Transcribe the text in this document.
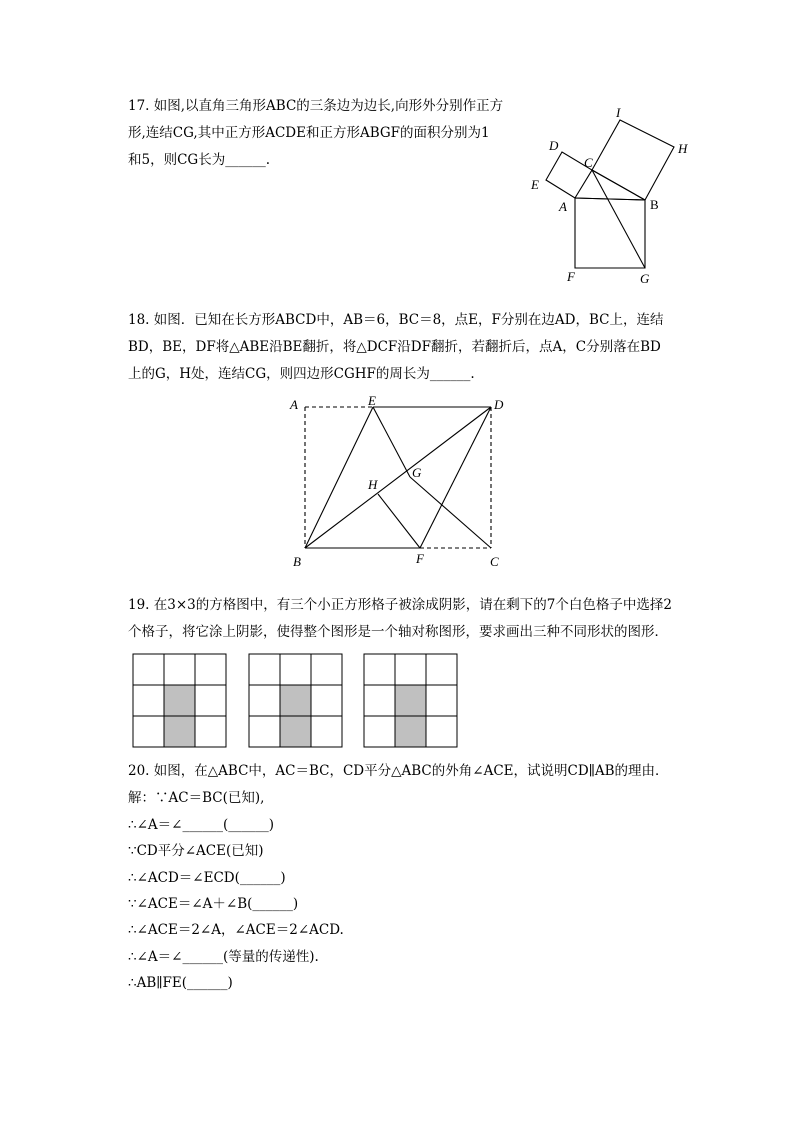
17. 如图,以直角三角形ABC的三条边为边长,向形外分别作正方
形,连结CG,其中正方形ACDE和正方形ABGF的面积分别为1
和5，则CG长为______.
I
H
D
C
E
A	B
F	G
18. 如图．已知在长方形ABCD中，AB＝6，BC＝8，点E，F分别在边AD，BC上，连结
BD，BE，DF将△ABE沿BE翻折，将△DCF沿DF翻折，若翻折后，点A，C分别落在BD
上的G，H处，连结CG，则四边形CGHF的周长为______.
A	E	D
G
H
B	F	C
19. 在3×3的方格图中，有三个小正方形格子被涂成阴影，请在剩下的7个白色格子中选择2
个格子，将它涂上阴影，使得整个图形是一个轴对称图形，要求画出三种不同形状的图形．
20. 如图，在△ABC中，AC＝BC，CD平分△ABC的外角∠ACE，试说明CD∥AB的理由．
解：∵AC＝BC(已知),
∴∠A＝∠______(______)
∵CD平分∠ACE(已知)
∴∠ACD＝∠ECD(______)
∵∠ACE＝∠A＋∠B(______)
∴∠ACE＝2∠A，∠ACE＝2∠ACD.
∴∠A＝∠______(等量的传递性).
∴AB∥FE(______)
